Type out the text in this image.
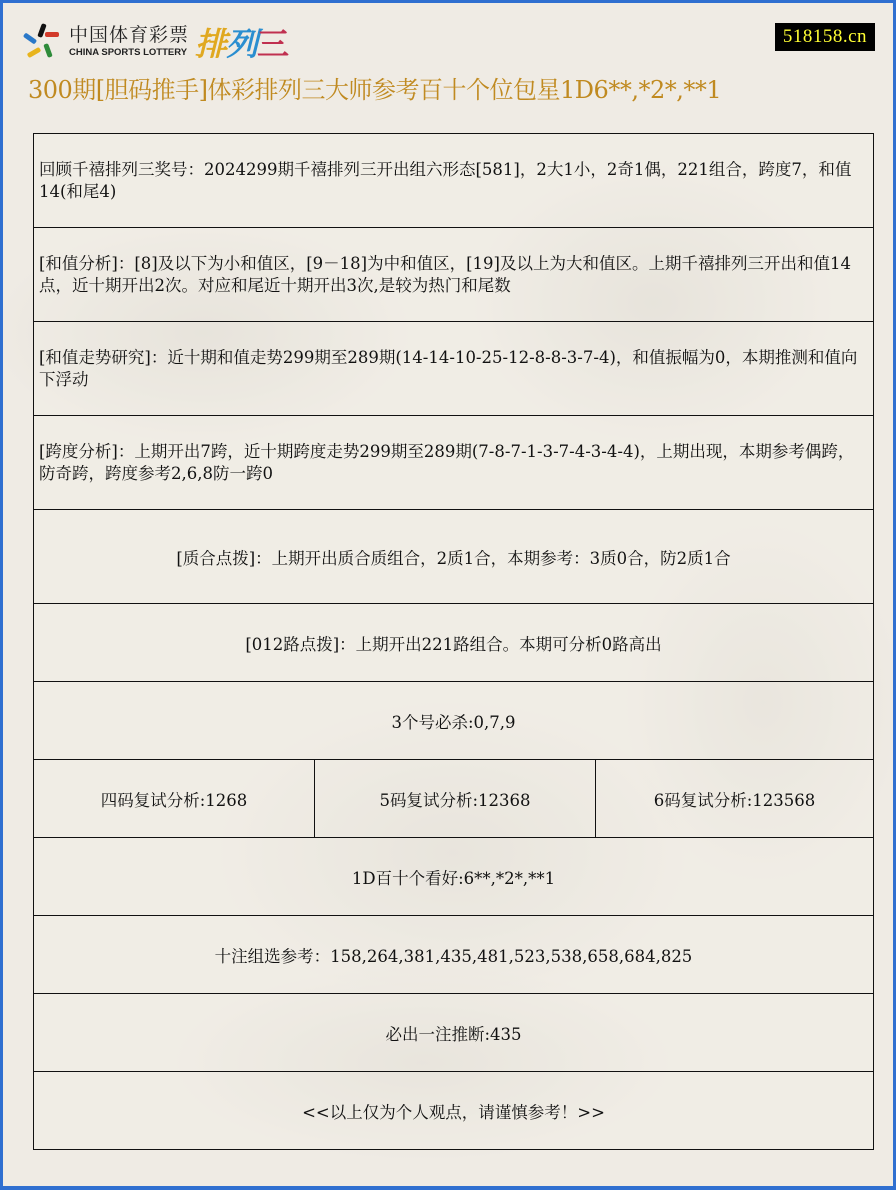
中国体育彩票
CHINA SPORTS LOTTERY 排列三	518158.cn
300期[胆码推手]体彩排列三大师参考百十个位包星1D6**,*2*,**1
回顾千禧排列三奖号：2024299期千禧排列三开出组六形态[581]，2大1小，2奇1偶，221组合，跨度7，和值14(和尾4)
[和值分析]：[8]及以下为小和值区，[9－18]为中和值区，[19]及以上为大和值区。上期千禧排列三开出和值14点，近十期开出2次。对应和尾近十期开出3次,是较为热门和尾数
[和值走势研究]：近十期和值走势299期至289期(14-14-10-25-12-8-8-3-7-4)，和值振幅为0，本期推测和值向下浮动
[跨度分析]：上期开出7跨，近十期跨度走势299期至289期(7-8-7-1-3-7-4-3-4-4)，上期出现，本期参考偶跨，防奇跨，跨度参考2,6,8防一跨0
[质合点拨]：上期开出质合质组合，2质1合，本期参考：3质0合，防2质1合
[012路点拨]：上期开出221路组合。本期可分析0路高出
3个号必杀:0,7,9
四码复试分析:1268	5码复试分析:12368	6码复试分析:123568
1D百十个看好:6**,*2*,**1
十注组选参考：158,264,381,435,481,523,538,658,684,825
必出一注推断:435
<<以上仅为个人观点，请谨慎参考！>>
